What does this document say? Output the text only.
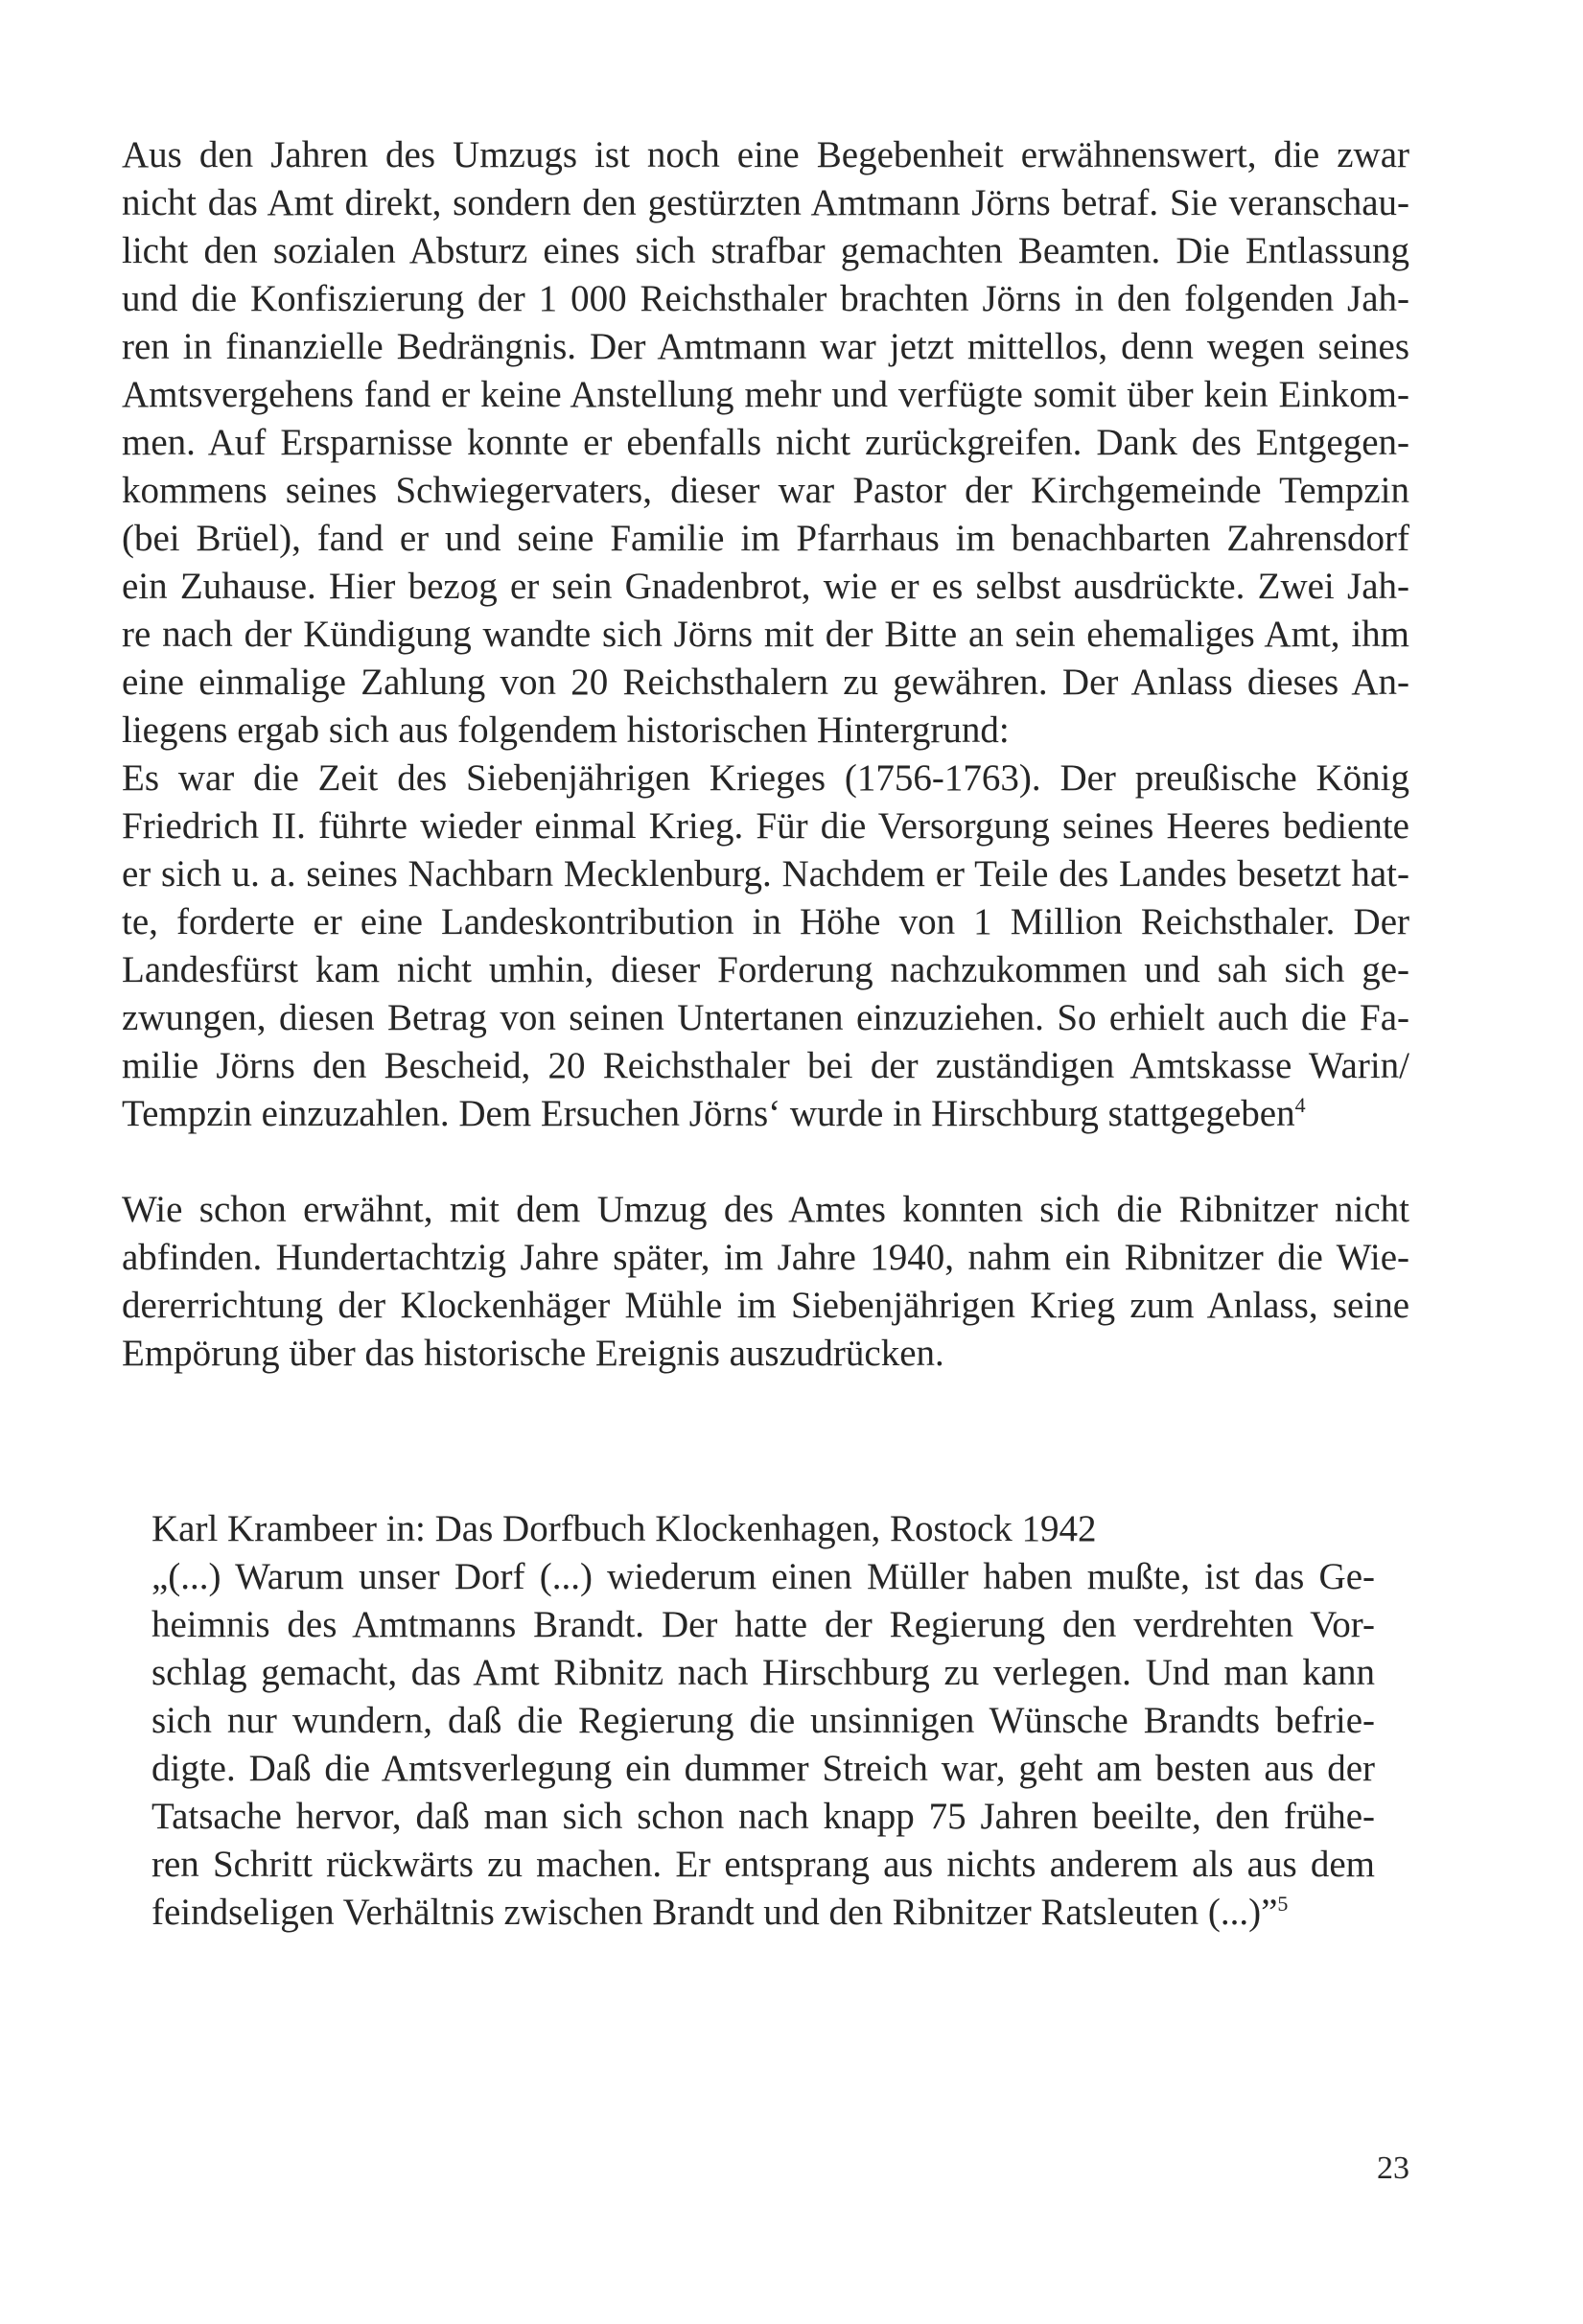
Aus den Jahren des Umzugs ist noch eine Begebenheit erwähnenswert, die zwar

nicht das Amt direkt, sondern den gestürzten Amtmann Jörns betraf. Sie veranschau-

licht den sozialen Absturz eines sich strafbar gemachten Beamten. Die Entlassung

und die Konfiszierung der 1 000 Reichsthaler brachten Jörns in den folgenden Jah-

ren in finanzielle Bedrängnis. Der Amtmann war jetzt mittellos, denn wegen seines

Amtsvergehens fand er keine Anstellung mehr und verfügte somit über kein Einkom-

men. Auf Ersparnisse konnte er ebenfalls nicht zurückgreifen. Dank des Entgegen-

kommens seines Schwiegervaters, dieser war Pastor der Kirchgemeinde Tempzin

(bei Brüel), fand er und seine Familie im Pfarrhaus im benachbarten Zahrensdorf

ein Zuhause. Hier bezog er sein Gnadenbrot, wie er es selbst ausdrückte. Zwei Jah-

re nach der Kündigung wandte sich Jörns mit der Bitte an sein ehemaliges Amt, ihm

eine einmalige Zahlung von 20 Reichsthalern zu gewähren. Der Anlass dieses An-

liegens ergab sich aus folgendem historischen Hintergrund:

Es war die Zeit des Siebenjährigen Krieges (1756-1763). Der preußische König

Friedrich II. führte wieder einmal Krieg. Für die Versorgung seines Heeres bediente

er sich u. a. seines Nachbarn Mecklenburg. Nachdem er Teile des Landes besetzt hat-

te, forderte er eine Landeskontribution in Höhe von 1 Million Reichsthaler. Der

Landesfürst kam nicht umhin, dieser Forderung nachzukommen und sah sich ge-

zwungen, diesen Betrag von seinen Untertanen einzuziehen. So erhielt auch die Fa-

milie Jörns den Bescheid, 20 Reichsthaler bei der zuständigen Amtskasse Warin/

Tempzin einzuzahlen. Dem Ersuchen Jörns‘ wurde in Hirschburg stattgegeben$^4$

Wie schon erwähnt, mit dem Umzug des Amtes konnten sich die Ribnitzer nicht

abfinden. Hundertachtzig Jahre später, im Jahre 1940, nahm ein Ribnitzer die Wie-

dererrichtung der Klockenhäger Mühle im Siebenjährigen Krieg zum Anlass, seine

Empörung über das historische Ereignis auszudrücken.

Karl Krambeer in: Das Dorfbuch Klockenhagen, Rostock 1942

„(...) Warum unser Dorf (...) wiederum einen Müller haben mußte, ist das Ge-

heimnis des Amtmanns Brandt. Der hatte der Regierung den verdrehten Vor-

schlag gemacht, das Amt Ribnitz nach Hirschburg zu verlegen. Und man kann

sich nur wundern, daß die Regierung die unsinnigen Wünsche Brandts befrie-

digte. Daß die Amtsverlegung ein dummer Streich war, geht am besten aus der

Tatsache hervor, daß man sich schon nach knapp 75 Jahren beeilte, den frühe-

ren Schritt rückwärts zu machen. Er entsprang aus nichts anderem als aus dem

feindseligen Verhältnis zwischen Brandt und den Ribnitzer Ratsleuten (...)”$^5$

23
